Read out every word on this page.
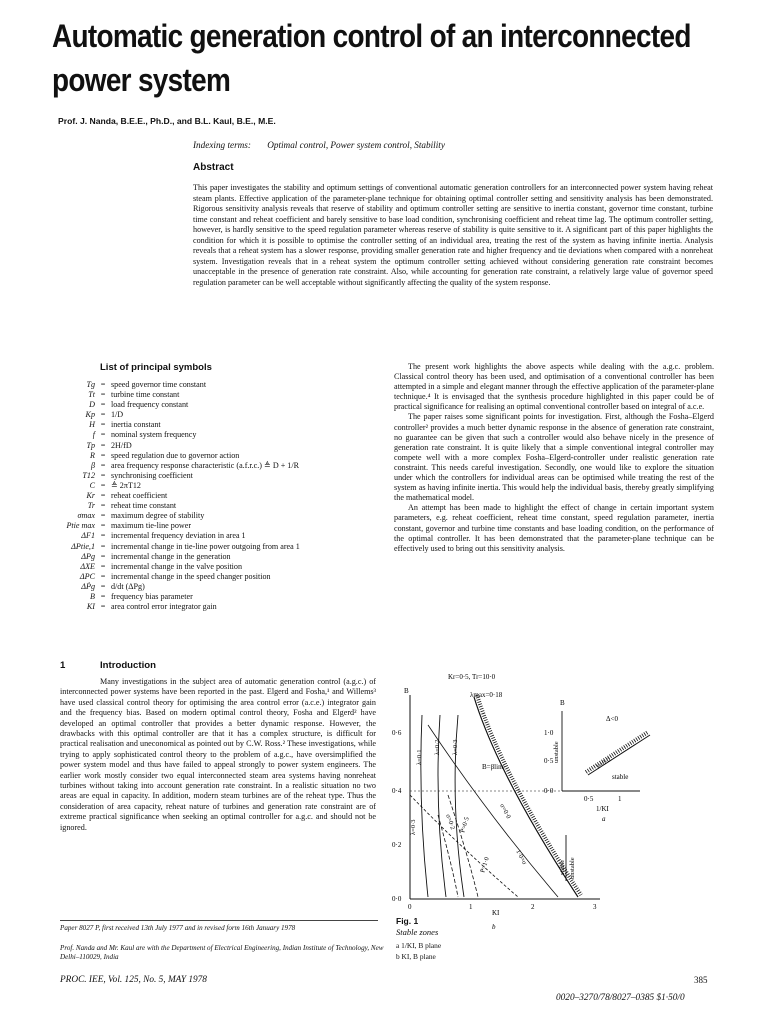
Automatic generation control of an interconnected power system
Prof. J. Nanda, B.E.E., Ph.D., and B.L. Kaul, B.E., M.E.
Indexing terms: Optimal control, Power system control, Stability
Abstract
This paper investigates the stability and optimum settings of conventional automatic generation controllers for an interconnected power system having reheat steam plants. Effective application of the parameter-plane technique for obtaining optimal controller setting and sensitivity analysis has been demonstrated. Rigorous sensitivity analysis reveals that reserve of stability and optimum controller setting are sensitive to inertia constant, governor time constant, turbine time constant and reheat coefficient and barely sensitive to base load condition, synchronising coefficient and reheat time lag. The optimum controller setting, however, is hardly sensitive to the speed regulation parameter whereas reserve of stability is quite sensitive to it. A significant part of this paper highlights the condition for which it is possible to optimise the controller setting of an individual area, treating the rest of the system as having infinite inertia. Analysis reveals that a reheat system has a slower response, providing smaller generation rate and higher frequency and tie deviations when compared with a nonreheat system. Investigation reveals that in a reheat system the optimum controller setting achieved without considering generation rate constraint becomes unacceptable in the presence of generation rate constraint. Also, while accounting for generation rate constraint, a relatively large value of governor speed regulation parameter can be well acceptable without significantly affecting the quality of the system response.
List of principal symbols
Tg = speed governor time constant
Tt = turbine time constant
D = load frequency constant
Kp = 1/D
H = inertia constant
f = nominal system frequency
Tp = 2H/fD
R = speed regulation due to governor action
β = area frequency response characteristic (a.f.r.c.) ≜ D + 1/R
T12 = synchronising coefficient
C = ≜ 2πT12
Kr = reheat coefficient
Tr = reheat time constant
σmax = maximum degree of stability
Ptie max = maximum tie-line power
ΔF1 = incremental frequency deviation in area 1
ΔPtie,1 = incremental change in tie-line power outgoing from area 1
ΔPg = incremental change in the generation
ΔXE = incremental change in the valve position
ΔPC = incremental change in the speed changer position
ΔṖg = d/dt (ΔPg)
B = frequency bias parameter
KI = area control error integrator gain
1	Introduction
Many investigations in the subject area of automatic generation control (a.g.c.) of interconnected power systems have been reported in the past. Elgerd and Fosha,¹ and Willems³ have used classical control theory for optimising the area control error (a.c.e.) integrator gain and the frequency bias. Based on modern optimal control theory, Fosha and Elgerd² have developed an optimal controller that provides a better dynamic response. However, the drawbacks with this optimal controller are that it has a complex structure, is difficult for practical realisation and uneconomical as pointed out by C.W. Ross.² These investigations, while trying to apply sophisticated control theory to the problem of a.g.c., have oversimplified the power system model and thus have failed to appeal strongly to power system engineers. The earlier work mostly consider two equal interconnected steam area systems having nonreheat turbines without taking into account generation rate constraint. In a realistic situation no two areas are equal in capacity. In addition, modern steam turbines are of the reheat type. Thus the consideration of area capacity, reheat nature of turbines and generation rate constraint are of extreme practical significance when seeking an optimal controller for a.g.c. and should not be ignored.
Paper 8027 P, first received 13th July 1977 and in revised form 16th January 1978
Prof. Nanda and Mr. Kaul are with the Department of Electrical Engineering, Indian Institute of Technology, New Delhi–110029, India

The present work highlights the above aspects while dealing with the a.g.c. problem. Classical control theory has been used, and optimisation of a conventional controller has been attempted in a simple and elegant manner through the effective application of the parameter-plane technique.⁴ It is envisaged that the synthesis procedure highlighted in this paper could be of practical significance for realising an optimal conventional controller based on integral of a.c.e.

The paper raises some significant points for investigation. First, although the Fosha–Elgerd controller² provides a much better dynamic response in the absence of generation rate constraint, no guarantee can be given that such a controller would also behave nicely in the presence of generation rate constraint. It is quite likely that a simple conventional integral controller may compete well with a more complex Fosha–Elgerd-controller under realistic generation rate constraint. This needs careful investigation. Secondly, one would like to explore the situation under which the controllers for individual areas can be optimised while treating the rest of the system as having infinite inertia. This would help the individual basis, thereby greatly simplifying the mathematical model.

An attempt has been made to highlight the effect of change in certain important system parameters, e.g. reheat coefficient, reheat time constant, speed regulation parameter, inertia constant, governor and turbine time constants and base loading condition, on the performance of the optimal controller. It has been demonstrated that the parameter-plane technique can be effectively used to bring out this sensitivity analysis.

Kr=0·5, Tr=10·0
λmax=0·18
B
0·6
0·4
0·2
0·0
0	1	2	3
KI
b
B=βline
λ=0·1
λ=0·2 λ=0·3
λ=0·3	σ=0·2 P=0·5
P=1·0
σ=0·0
1·0=σ
B
1·0
0·5
0·0
0·5	1
1/KI
a
Δ<0
λ=0·0
stable
unstable
stable unstable
Fig. 1
Stable zones
a 1/KI, B plane
b KI, B plane
PROC. IEE, Vol. 125, No. 5, MAY 1978	385
0020–3270/78/8027–0385 $1·50/0
